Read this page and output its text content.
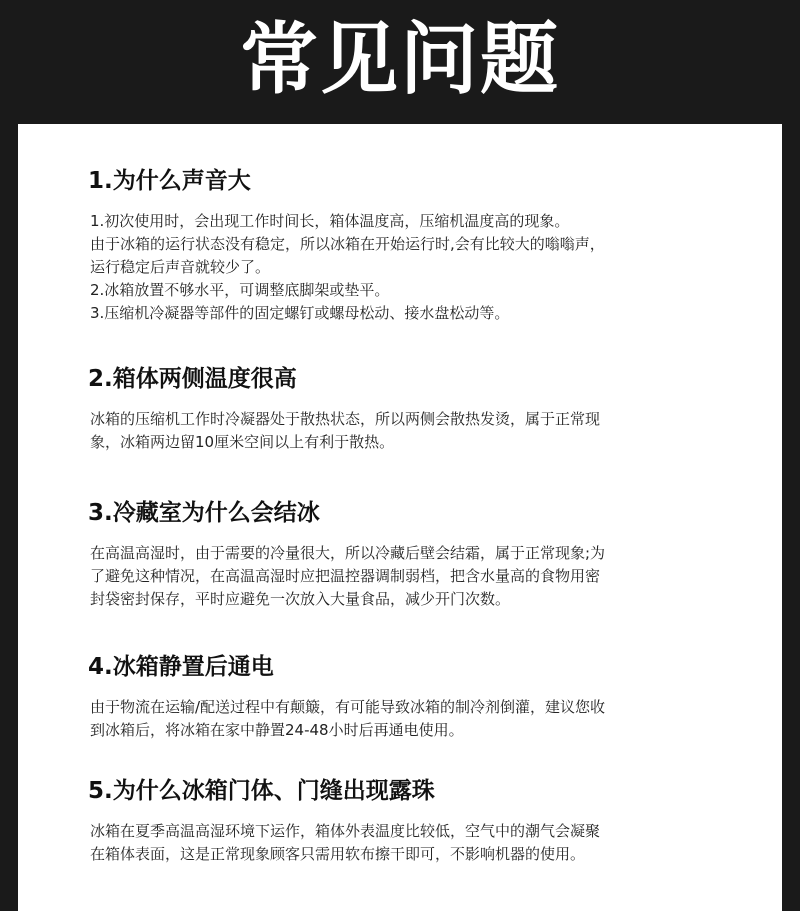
常见问题
1.为什么声音大
1.初次使用时，会出现工作时间长，箱体温度高，压缩机温度高的现象。
由于冰箱的运行状态没有稳定，所以冰箱在开始运行时,会有比较大的嗡嗡声，
运行稳定后声音就较少了。
2.冰箱放置不够水平，可调整底脚架或垫平。
3.压缩机冷凝器等部件的固定螺钉或螺母松动、接水盘松动等。
2.箱体两侧温度很高
冰箱的压缩机工作时冷凝器处于散热状态，所以两侧会散热发烫，属于正常现
象，冰箱两边留10厘米空间以上有利于散热。
3.冷藏室为什么会结冰
在高温高湿时，由于需要的冷量很大，所以冷藏后壁会结霜，属于正常现象;为
了避免这种情况，在高温高湿时应把温控器调制弱档，把含水量高的食物用密
封袋密封保存，平时应避免一次放入大量食品，减少开门次数。
4.冰箱静置后通电
由于物流在运输/配送过程中有颠簸，有可能导致冰箱的制冷剂倒灌，建议您收
到冰箱后，将冰箱在家中静置24-48小时后再通电使用。
5.为什么冰箱门体、门缝出现露珠
冰箱在夏季高温高湿环境下运作，箱体外表温度比较低，空气中的潮气会凝聚
在箱体表面，这是正常现象顾客只需用软布擦干即可，不影响机器的使用。
